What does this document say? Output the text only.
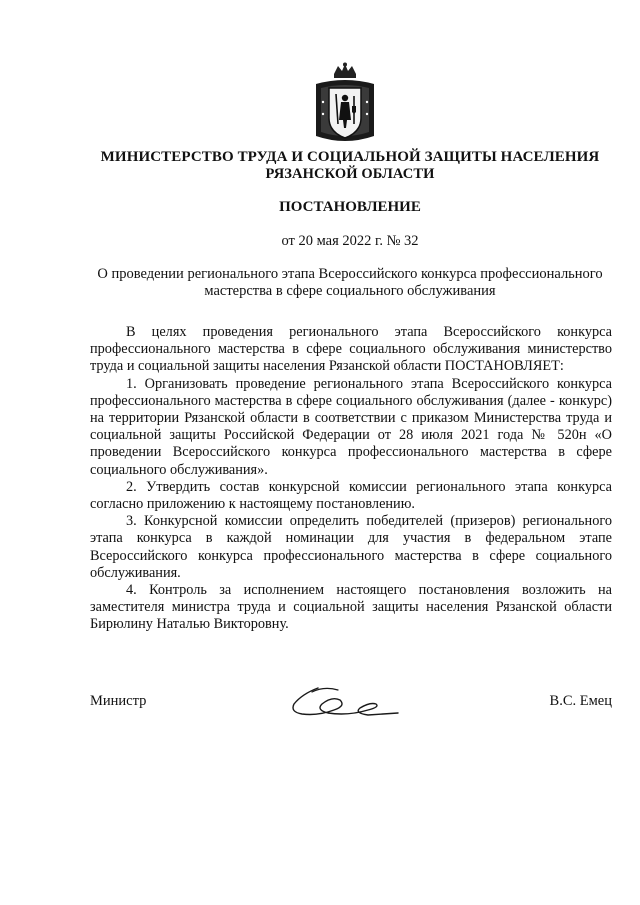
МИНИСТЕРСТВО ТРУДА И СОЦИАЛЬНОЙ ЗАЩИТЫ НАСЕЛЕНИЯ
РЯЗАНСКОЙ ОБЛАСТИ
ПОСТАНОВЛЕНИЕ
от 20 мая 2022 г. № 32
О проведении регионального этапа Всероссийского конкурса профессионального
мастерства в сфере социального обслуживания

В целях проведения регионального этапа Всероссийского конкурса профессионального мастерства в сфере социального обслуживания министерство труда и социальной защиты населения Рязанской области ПОСТАНОВЛЯЕТ:

1. Организовать проведение регионального этапа Всероссийского конкурса профессионального мастерства в сфере социального обслуживания (далее - конкурс) на территории Рязанской области в соответствии с приказом Министерства труда и социальной защиты Российской Федерации от 28 июля 2021 года № 520н «О проведении Всероссийского конкурса профессионального мастерства в сфере социального обслуживания».

2. Утвердить состав конкурсной комиссии регионального этапа конкурса согласно приложению к настоящему постановлению.

3. Конкурсной комиссии определить победителей (призеров) регионального этапа конкурса в каждой номинации для участия в федеральном этапе Всероссийского конкурса профессионального мастерства в сфере социального обслуживания.

4. Контроль за исполнением настоящего постановления возложить на заместителя министра труда и социальной защиты населения Рязанской области Бирюлину Наталью Викторовну.

Министр	В.С. Емец
